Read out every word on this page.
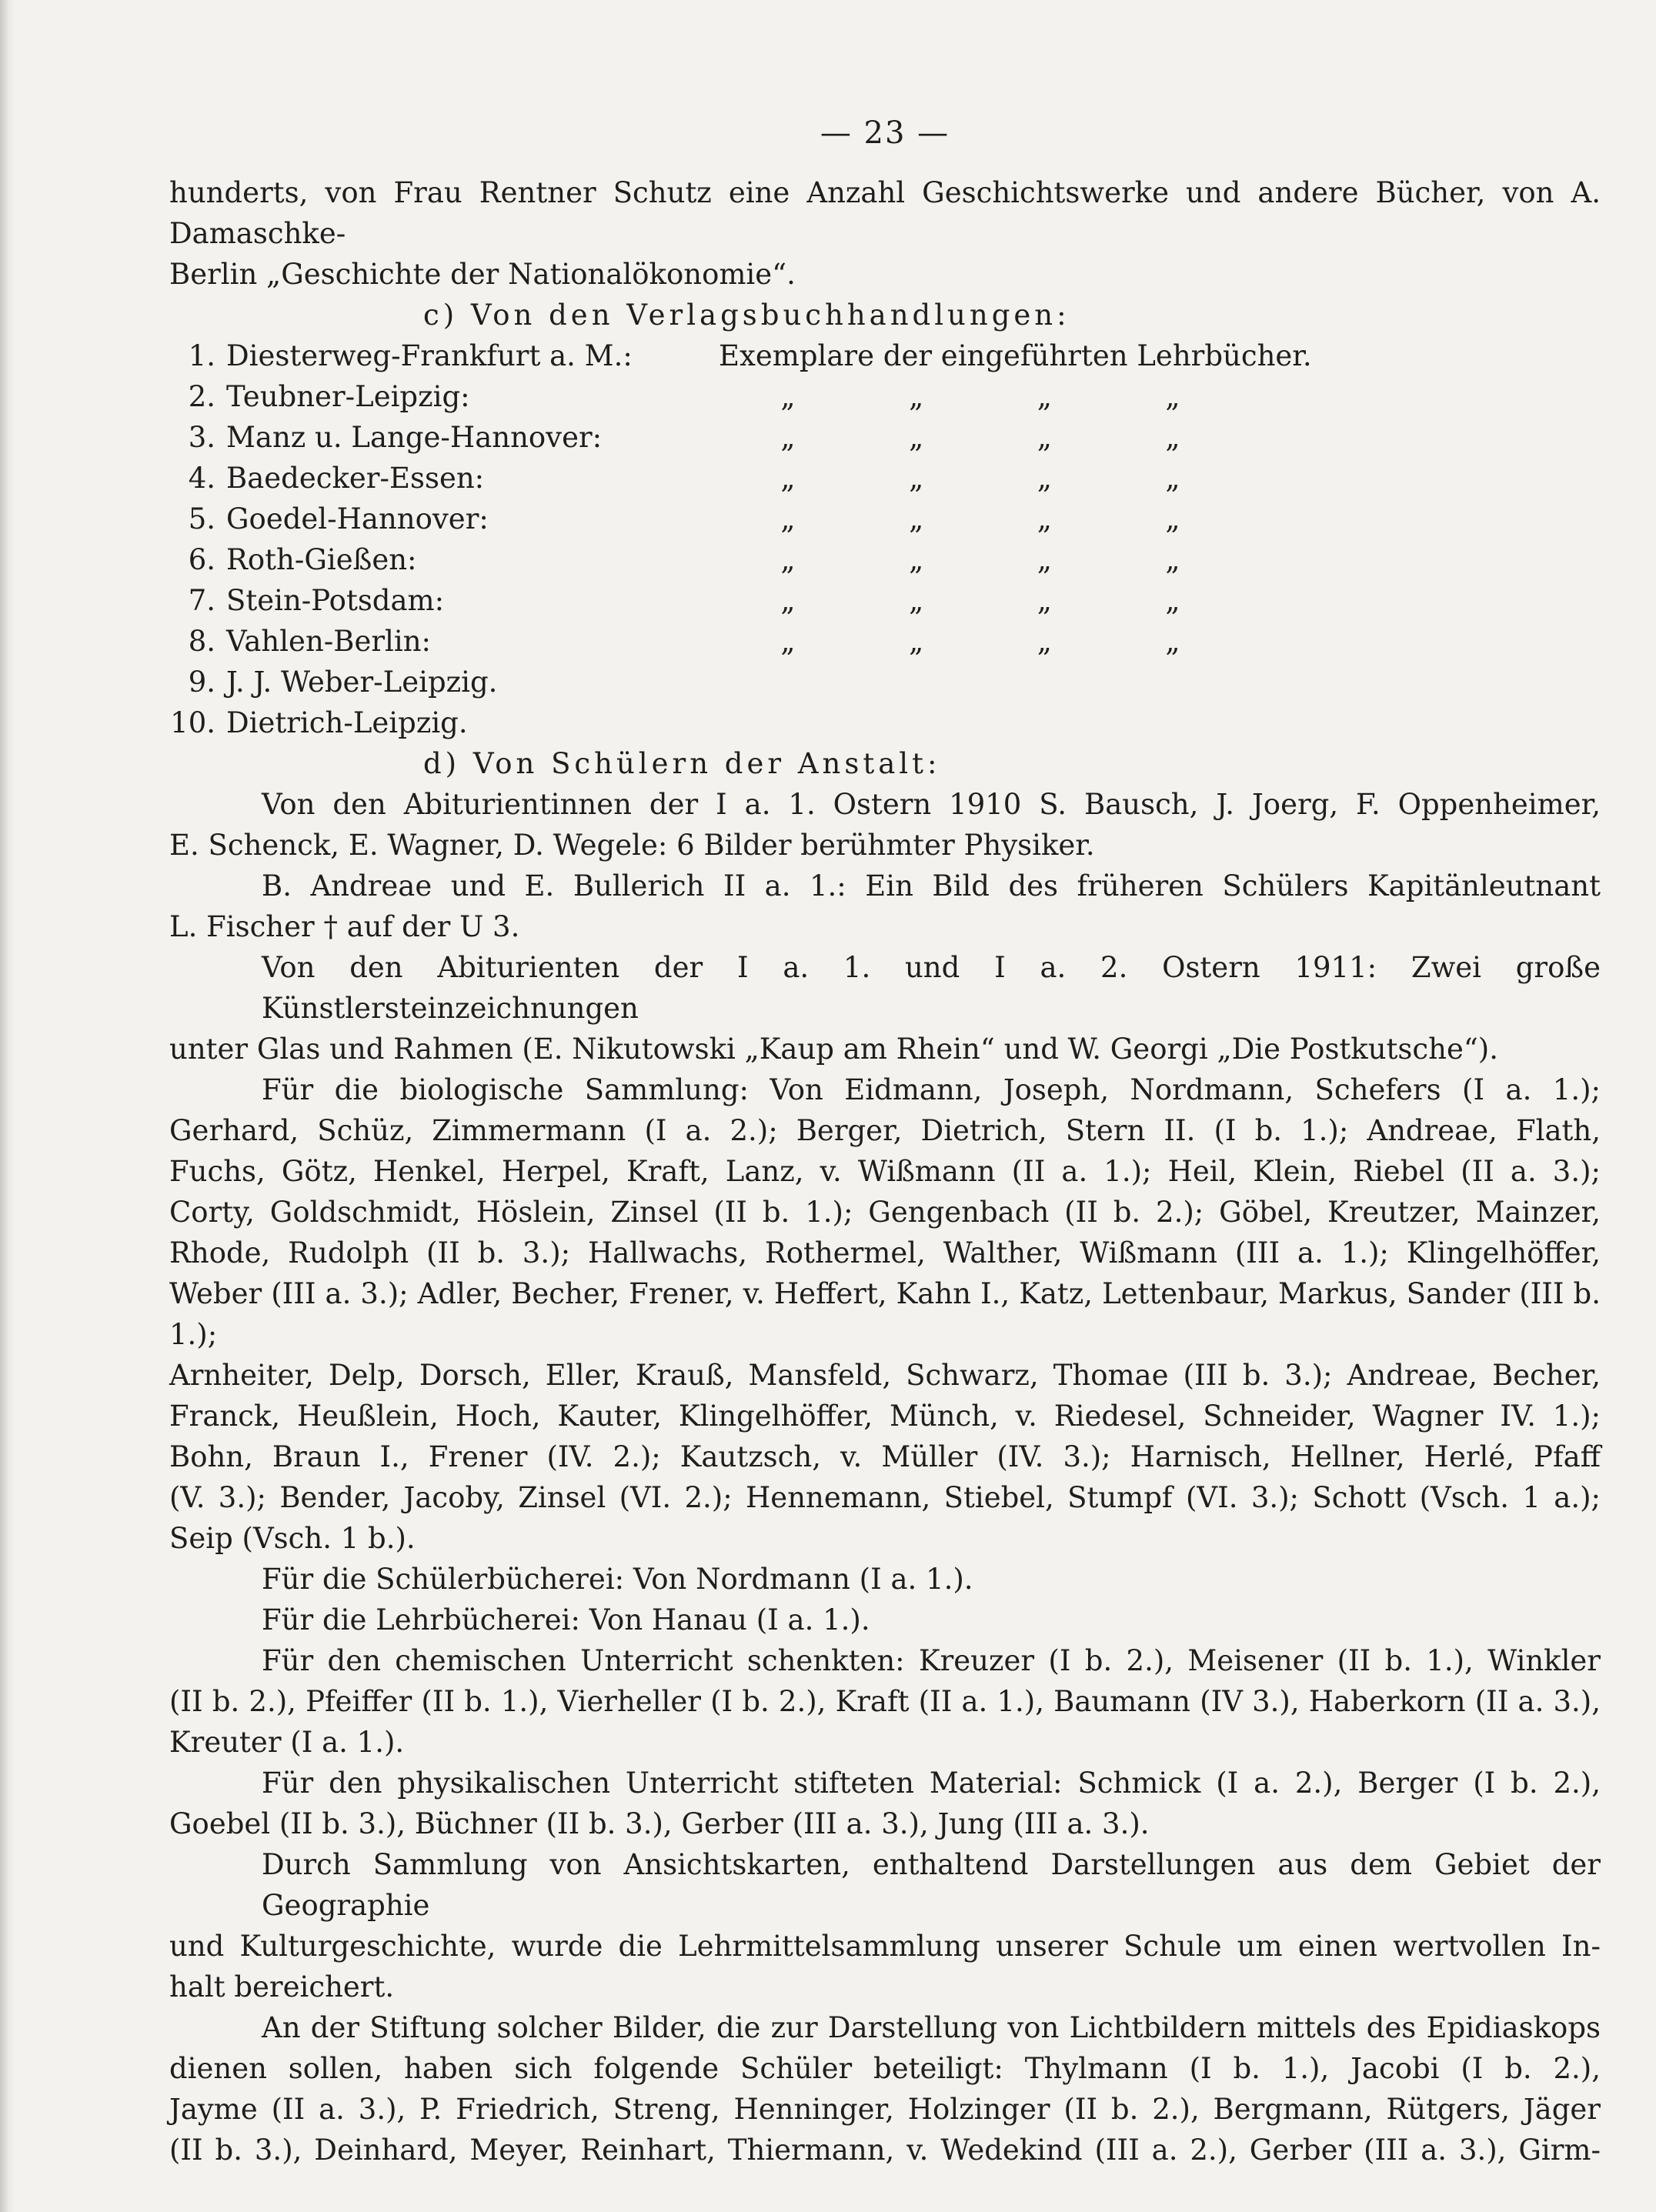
— 23 —
hunderts, von Frau Rentner Schutz eine Anzahl Geschichtswerke und andere Bücher, von A. Damaschke-
Berlin „Geschichte der Nationalökonomie“.
c) Von den Verlagsbuchhandlungen:
1. Diesterweg-Frankfurt a. M.:	Exemplare der eingeführten Lehrbücher.
2. Teubner-Leipzig:	„	„	„	„
3. Manz u. Lange-Hannover:	„	„	„	„
4. Baedecker-Essen:	„	„	„	„
5. Goedel-Hannover:	„	„	„	„
6. Roth-Gießen:	„	„	„	„
7. Stein-Potsdam:	„	„	„	„
8. Vahlen-Berlin:	„	„	„	„
9. J. J. Weber-Leipzig.
10. Dietrich-Leipzig.
d) Von Schülern der Anstalt:
Von den Abiturientinnen der I a. 1. Ostern 1910 S. Bausch, J. Joerg, F. Oppenheimer,
E. Schenck, E. Wagner, D. Wegele: 6 Bilder berühmter Physiker.
B. Andreae und E. Bullerich II a. 1.: Ein Bild des früheren Schülers Kapitänleutnant
L. Fischer † auf der U 3.
Von den Abiturienten der I a. 1. und I a. 2. Ostern 1911: Zwei große Künstlersteinzeichnungen
unter Glas und Rahmen (E. Nikutowski „Kaup am Rhein“ und W. Georgi „Die Postkutsche“).
Für die biologische Sammlung: Von Eidmann, Joseph, Nordmann, Schefers (I a. 1.);
Gerhard, Schüz, Zimmermann (I a. 2.); Berger, Dietrich, Stern II. (I b. 1.); Andreae, Flath,
Fuchs, Götz, Henkel, Herpel, Kraft, Lanz, v. Wißmann (II a. 1.); Heil, Klein, Riebel (II a. 3.);
Corty, Goldschmidt, Höslein, Zinsel (II b. 1.); Gengenbach (II b. 2.); Göbel, Kreutzer, Mainzer,
Rhode, Rudolph (II b. 3.); Hallwachs, Rothermel, Walther, Wißmann (III a. 1.); Klingelhöffer,
Weber (III a. 3.); Adler, Becher, Frener, v. Heffert, Kahn I., Katz, Lettenbaur, Markus, Sander (III b. 1.);
Arnheiter, Delp, Dorsch, Eller, Krauß, Mansfeld, Schwarz, Thomae (III b. 3.); Andreae, Becher,
Franck, Heußlein, Hoch, Kauter, Klingelhöffer, Münch, v. Riedesel, Schneider, Wagner IV. 1.);
Bohn, Braun I., Frener (IV. 2.); Kautzsch, v. Müller (IV. 3.); Harnisch, Hellner, Herlé, Pfaff
(V. 3.); Bender, Jacoby, Zinsel (VI. 2.); Hennemann, Stiebel, Stumpf (VI. 3.); Schott (Vsch. 1 a.);
Seip (Vsch. 1 b.).
Für die Schülerbücherei: Von Nordmann (I a. 1.).
Für die Lehrbücherei: Von Hanau (I a. 1.).
Für den chemischen Unterricht schenkten: Kreuzer (I b. 2.), Meisener (II b. 1.), Winkler
(II b. 2.), Pfeiffer (II b. 1.), Vierheller (I b. 2.), Kraft (II a. 1.), Baumann (IV 3.), Haberkorn (II a. 3.),
Kreuter (I a. 1.).
Für den physikalischen Unterricht stifteten Material: Schmick (I a. 2.), Berger (I b. 2.),
Goebel (II b. 3.), Büchner (II b. 3.), Gerber (III a. 3.), Jung (III a. 3.).
Durch Sammlung von Ansichtskarten, enthaltend Darstellungen aus dem Gebiet der Geographie
und Kulturgeschichte, wurde die Lehrmittelsammlung unserer Schule um einen wertvollen In-
halt bereichert.
An der Stiftung solcher Bilder, die zur Darstellung von Lichtbildern mittels des Epidiaskops
dienen sollen, haben sich folgende Schüler beteiligt: Thylmann (I b. 1.), Jacobi (I b. 2.),
Jayme (II a. 3.), P. Friedrich, Streng, Henninger, Holzinger (II b. 2.), Bergmann, Rütgers, Jäger
(II b. 3.), Deinhard, Meyer, Reinhart, Thiermann, v. Wedekind (III a. 2.), Gerber (III a. 3.), Girm-
